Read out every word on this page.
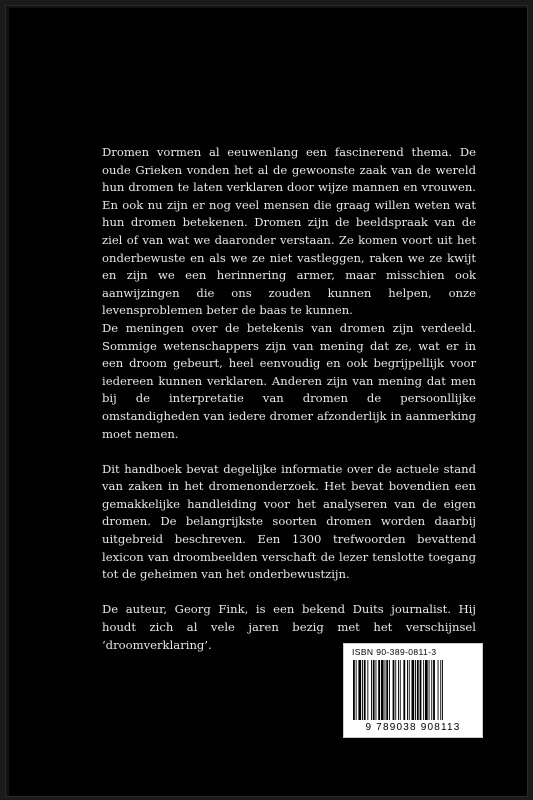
Dromen vormen al eeuwenlang een fascinerend thema. De oude Grieken vonden het al de gewoonste zaak van de wereld hun dromen te laten verklaren door wijze mannen en vrouwen. En ook nu zijn er nog veel mensen die graag willen weten wat hun dromen betekenen. Dromen zijn de beeldspraak van de ziel of van wat we daaronder verstaan. Ze komen voort uit het onderbewuste en als we ze niet vastleggen, raken we ze kwijt en zijn we een herinnering armer, maar misschien ook aanwijzingen die ons zouden kunnen helpen, onze levensproblemen beter de baas te kunnen.

De meningen over de betekenis van dromen zijn verdeeld. Sommige wetenschappers zijn van mening dat ze, wat er in een droom gebeurt, heel eenvoudig en ook begrijpellijk voor iedereen kunnen verklaren. Anderen zijn van mening dat men bij de interpretatie van dromen de persoonllijke omstandigheden van iedere dromer afzonderlijk in aanmerking moet nemen.

Dit handboek bevat degelijke informatie over de actuele stand van zaken in het dromenonderzoek. Het bevat bovendien een gemakkelijke handleiding voor het analyseren van de eigen dromen. De belangrijkste soorten dromen worden daarbij uitgebreid beschreven. Een 1300 trefwoorden bevattend lexicon van droombeelden verschaft de lezer tenslotte toegang tot de geheimen van het onderbewustzijn.

De auteur, Georg Fink, is een bekend Duits journalist. Hij houdt zich al vele jaren bezig met het verschijnsel ‘droomverklaring’.

ISBN 90-389-0811-3
9 789038 908113
